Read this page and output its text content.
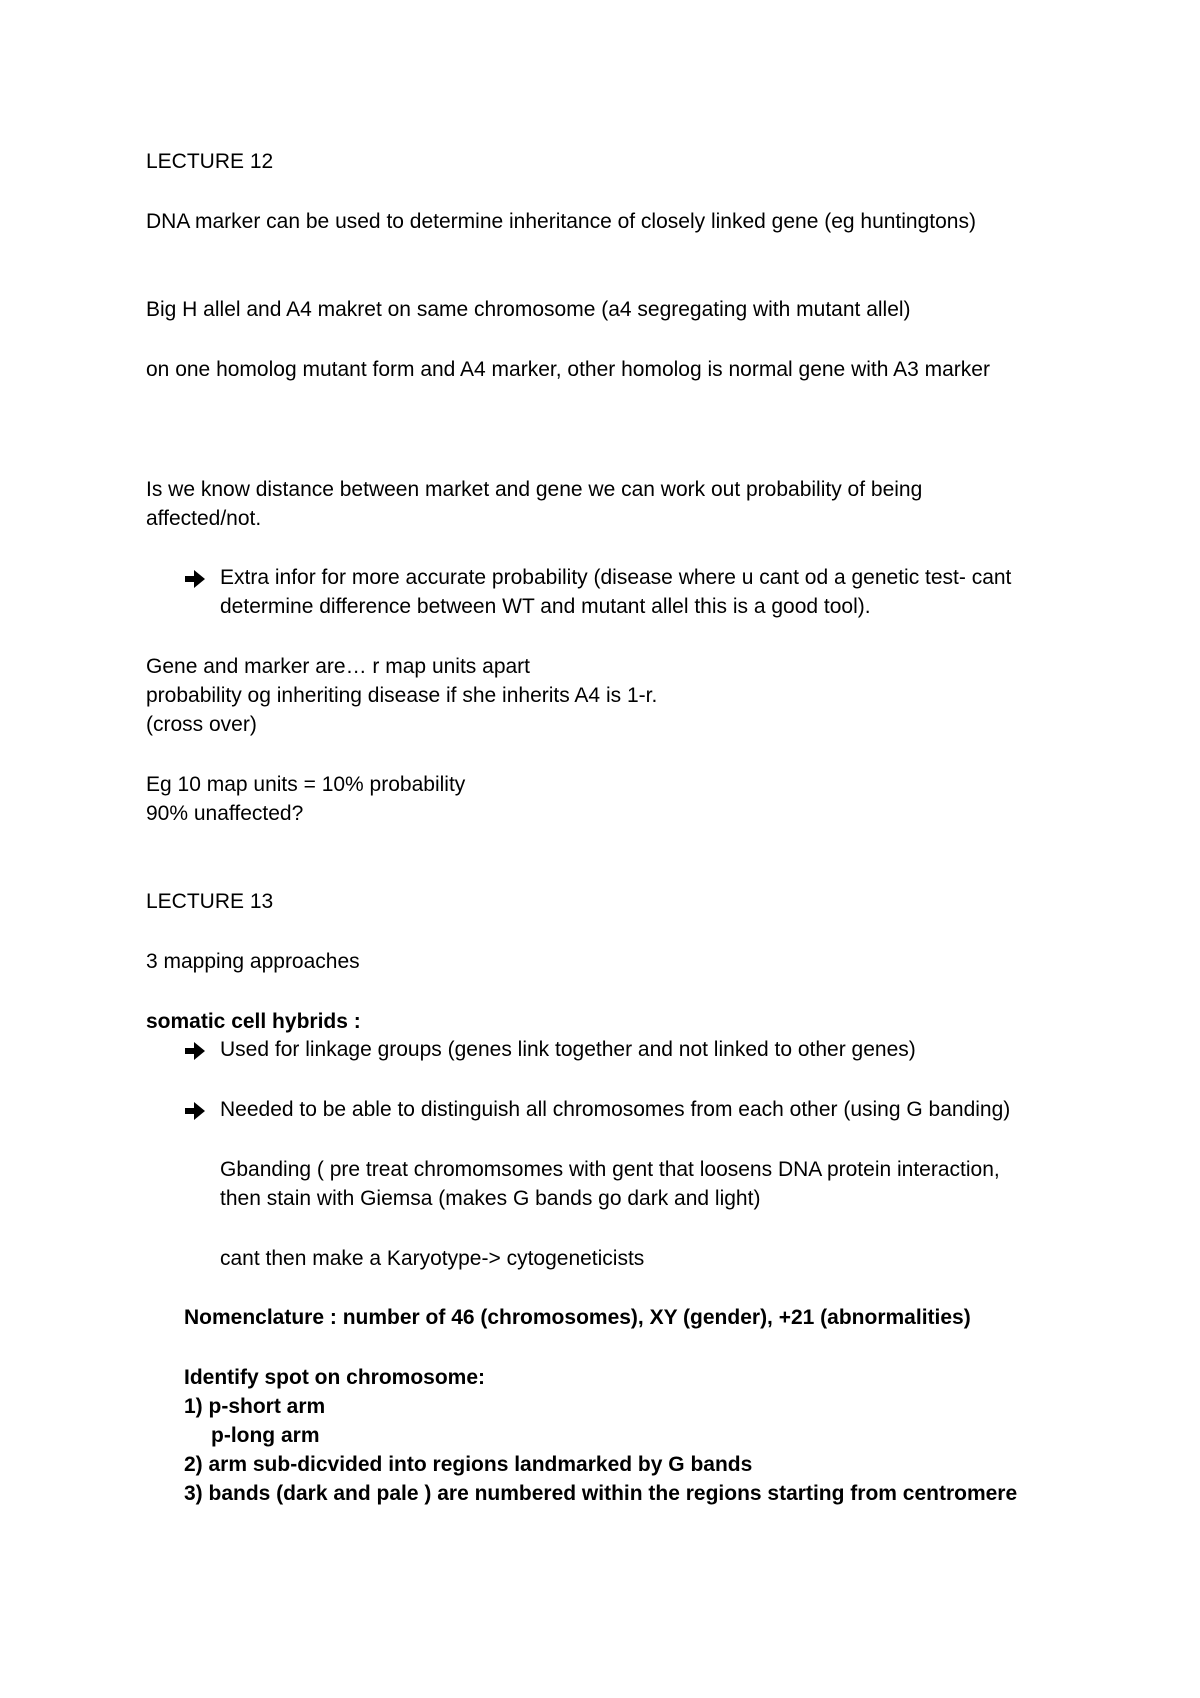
LECTURE 12
DNA marker can be used to determine inheritance of closely linked gene (eg huntingtons)
Big H allel and A4 makret on same chromosome (a4 segregating with mutant allel)
on one homolog mutant form and A4 marker, other homolog is normal gene with A3 marker
Is we know distance between market and gene we can work out probability of being
affected/not.
Extra infor for more accurate probability (disease where u cant od a genetic test- cant
determine difference between WT and mutant allel this is a good tool).
Gene and marker are… r map units apart
probability og inheriting disease if she inherits A4 is 1-r.
(cross over)
Eg 10 map units = 10% probability
90% unaffected?
LECTURE 13
3 mapping approaches
somatic cell hybrids :
Used for linkage groups (genes link together and not linked to other genes)
Needed to be able to distinguish all chromosomes from each other (using G banding)
Gbanding ( pre treat chromomsomes with gent that loosens DNA protein interaction,
then stain with Giemsa (makes G bands go dark and light)
cant then make a Karyotype-> cytogeneticists
Nomenclature : number of 46 (chromosomes), XY (gender), +21 (abnormalities)
Identify spot on chromosome:
1) p-short arm
p-long arm
2) arm sub-dicvided into regions landmarked by G bands
3) bands (dark and pale ) are numbered within the regions starting from centromere
